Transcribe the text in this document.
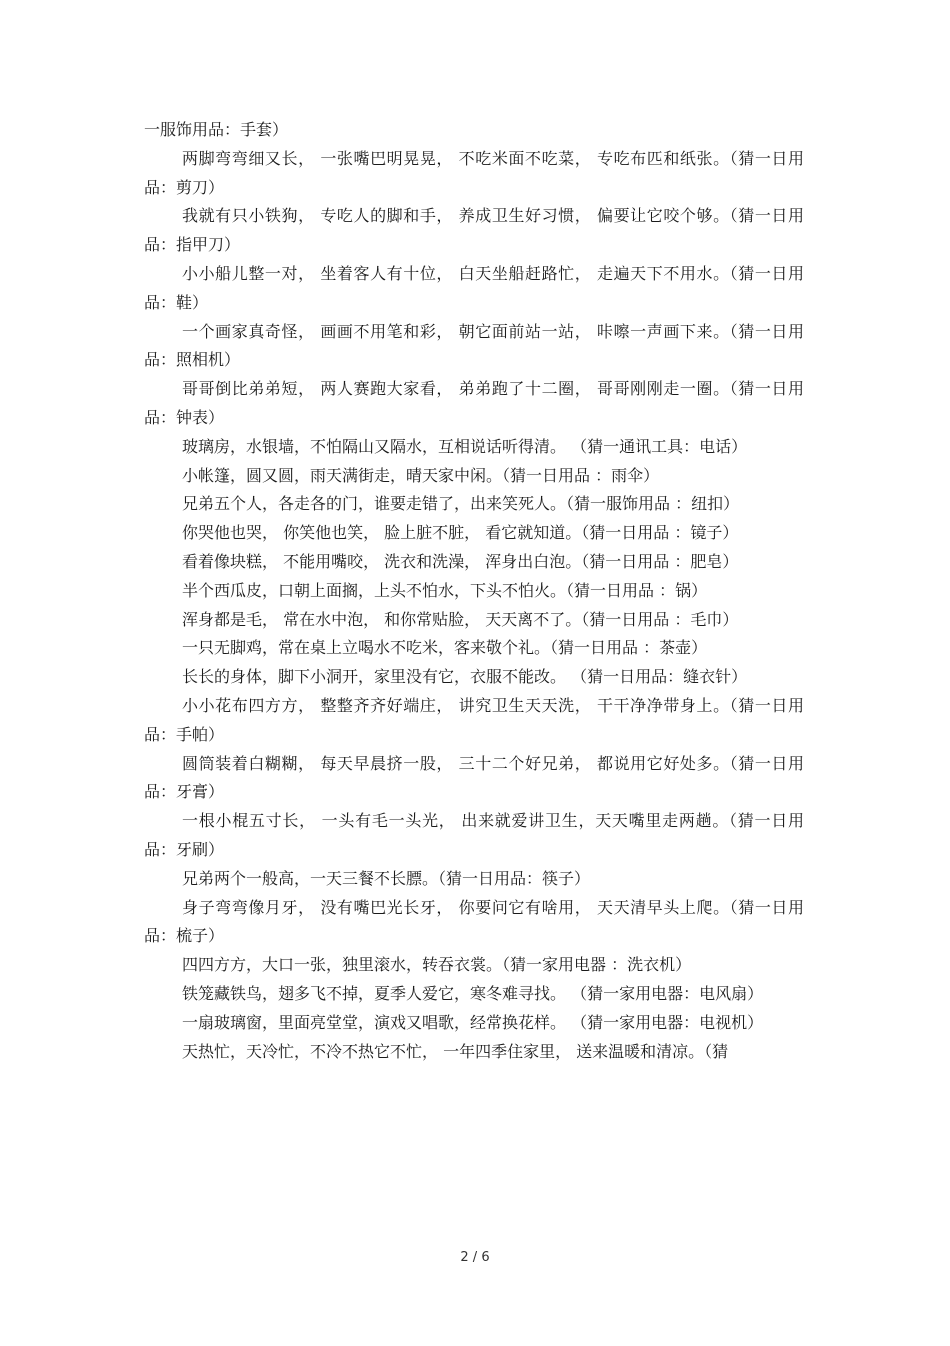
一服饰用品：手套）

两脚弯弯细又长， 一张嘴巴明晃晃， 不吃米面不吃菜， 专吃布匹和纸张。（猜一日用品：剪刀）

我就有只小铁狗， 专吃人的脚和手， 养成卫生好习惯， 偏要让它咬个够。（猜一日用品：指甲刀）

小小船儿整一对， 坐着客人有十位， 白天坐船赶路忙， 走遍天下不用水。（猜一日用品：鞋）

一个画家真奇怪， 画画不用笔和彩， 朝它面前站一站， 咔嚓一声画下来。（猜一日用品：照相机）

哥哥倒比弟弟短， 两人赛跑大家看， 弟弟跑了十二圈， 哥哥刚刚走一圈。（猜一日用品：钟表）

玻璃房，水银墙，不怕隔山又隔水，互相说话听得清。 （猜一通讯工具：电话）

小帐篷，圆又圆，雨天满街走，晴天家中闲。（猜一日用品 ：雨伞）

兄弟五个人，各走各的门，谁要走错了，出来笑死人。（猜一服饰用品 ：纽扣）

你哭他也哭， 你笑他也笑， 脸上脏不脏， 看它就知道。（猜一日用品 ：镜子）

看着像块糕， 不能用嘴咬， 洗衣和洗澡， 浑身出白泡。（猜一日用品 ：肥皂）

半个西瓜皮，口朝上面搁，上头不怕水，下头不怕火。（猜一日用品 ：锅）

浑身都是毛， 常在水中泡， 和你常贴脸， 天天离不了。（猜一日用品 ：毛巾）

一只无脚鸡，常在桌上立喝水不吃米，客来敬个礼。（猜一日用品 ：茶壶）

长长的身体，脚下小洞开，家里没有它，衣服不能改。 （猜一日用品：缝衣针）

小小花布四方方， 整整齐齐好端庄， 讲究卫生天天洗， 干干净净带身上。（猜一日用品：手帕）

圆筒装着白糊糊， 每天早晨挤一股， 三十二个好兄弟， 都说用它好处多。（猜一日用品：牙膏）

一根小棍五寸长， 一头有毛一头光， 出来就爱讲卫生，天天嘴里走两趟。（猜一日用品：牙刷）

兄弟两个一般高，一天三餐不长膘。（猜一日用品：筷子）

身子弯弯像月牙， 没有嘴巴光长牙， 你要问它有啥用， 天天清早头上爬。（猜一日用品：梳子）

四四方方，大口一张，独里滚水，转吞衣裳。（猜一家用电器 ：洗衣机）

铁笼藏铁鸟，翅多飞不掉，夏季人爱它，寒冬难寻找。 （猜一家用电器：电风扇）

一扇玻璃窗，里面亮堂堂，演戏又唱歌，经常换花样。 （猜一家用电器：电视机）

天热忙，天冷忙，不冷不热它不忙， 一年四季住家里， 送来温暖和清凉。（猜

2 / 6
